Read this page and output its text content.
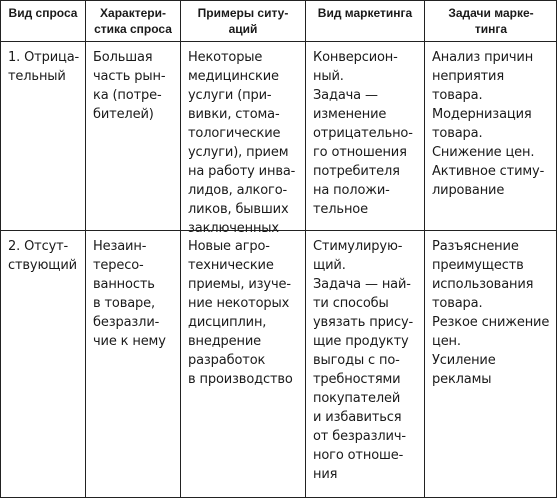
Вид спроса	Характери-
стика спроса
Примеры ситу-
аций
Вид маркетинга	Задачи марке-
тинга
1. Отрица-
тельный
Большая
часть рын-
ка (потре-
бителей)
Некоторые
медицинские
услуги (при-
вивки, стома-
тологические
услуги), прием
на работу инва-
лидов, алкого-
ликов, бывших
заключенных
Конверсион-
ный.
Задача —
изменение
отрицательно-
го отношения
потребителя
на положи-
тельное
Анализ причин
неприятия
товара.
Модернизация
товара.
Снижение цен.
Активное стиму-
лирование
2. Отсут-
ствующий
Незаин-
тересо-
ванность
в товаре,
безразли-
чие к нему
Новые агро-
технические
приемы, изуче-
ние некоторых
дисциплин,
внедрение
разработок
в производство
Стимулирую-
щий.
Задача — най-
ти способы
увязать прису-
щие продукту
выгоды с по-
требностями
покупателей
и избавиться
от безразлич-
ного отноше-
ния
Разъяснение
преимуществ
использования
товара.
Резкое снижение
цен.
Усиление рекламы
